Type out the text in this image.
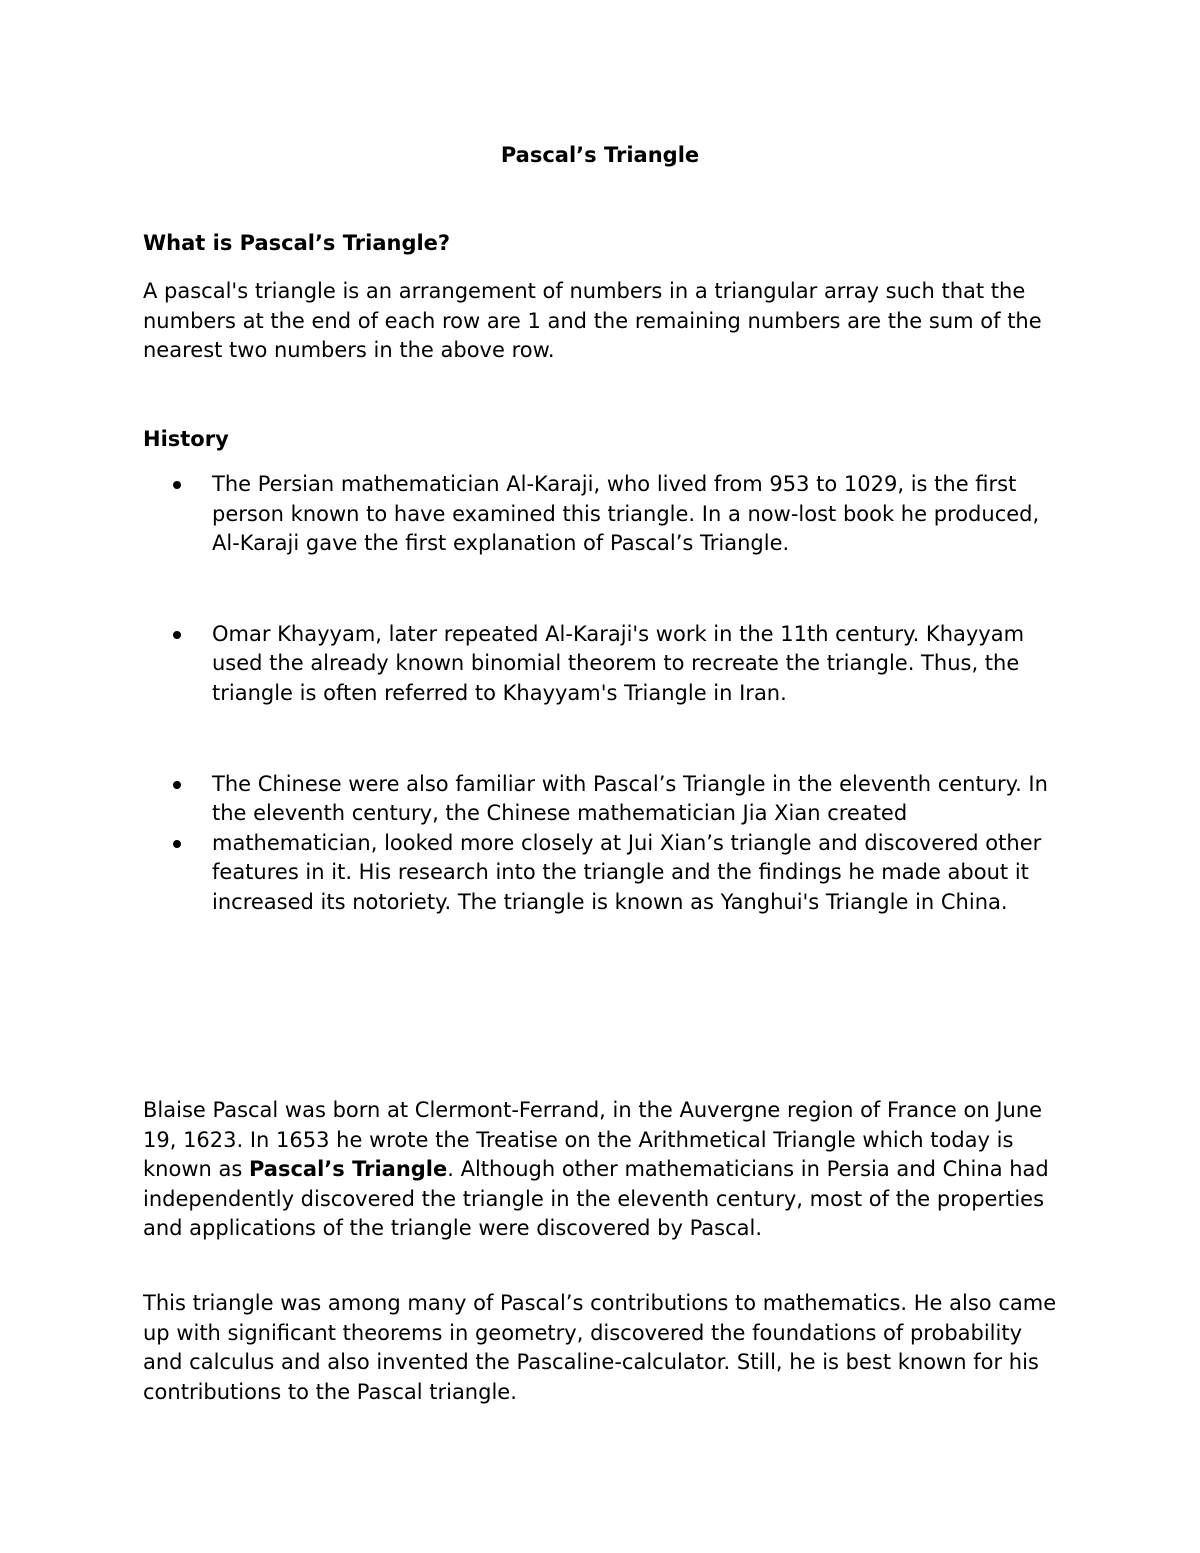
Pascal’s Triangle
What is Pascal’s Triangle?

A pascal's triangle is an arrangement of numbers in a triangular array such that the numbers at the end of each row are 1 and the remaining numbers are the sum of the nearest two numbers in the above row.

History
The Persian mathematician Al-Karaji, who lived from 953 to 1029, is the first person known to have examined this triangle. In a now-lost book he produced, Al-Karaji gave the first explanation of Pascal’s Triangle.
Omar Khayyam, later repeated Al-Karaji's work in the 11th century. Khayyam used the already known binomial theorem to recreate the triangle. Thus, the triangle is often referred to Khayyam's Triangle in Iran.
The Chinese were also familiar with Pascal’s Triangle in the eleventh century. In the eleventh century, the Chinese mathematician Jia Xian created
mathematician, looked more closely at Jui Xian’s triangle and discovered other features in it. His research into the triangle and the findings he made about it increased its notoriety. The triangle is known as Yanghui's Triangle in China.

Blaise Pascal was born at Clermont-Ferrand, in the Auvergne region of France on June 19, 1623. In 1653 he wrote the Treatise on the Arithmetical Triangle which today is known as Pascal’s Triangle. Although other mathematicians in Persia and China had independently discovered the triangle in the eleventh century, most of the properties and applications of the triangle were discovered by Pascal.

This triangle was among many of Pascal’s contributions to mathematics. He also came up with significant theorems in geometry, discovered the foundations of probability and calculus and also invented the Pascaline-calculator. Still, he is best known for his contributions to the Pascal triangle.
